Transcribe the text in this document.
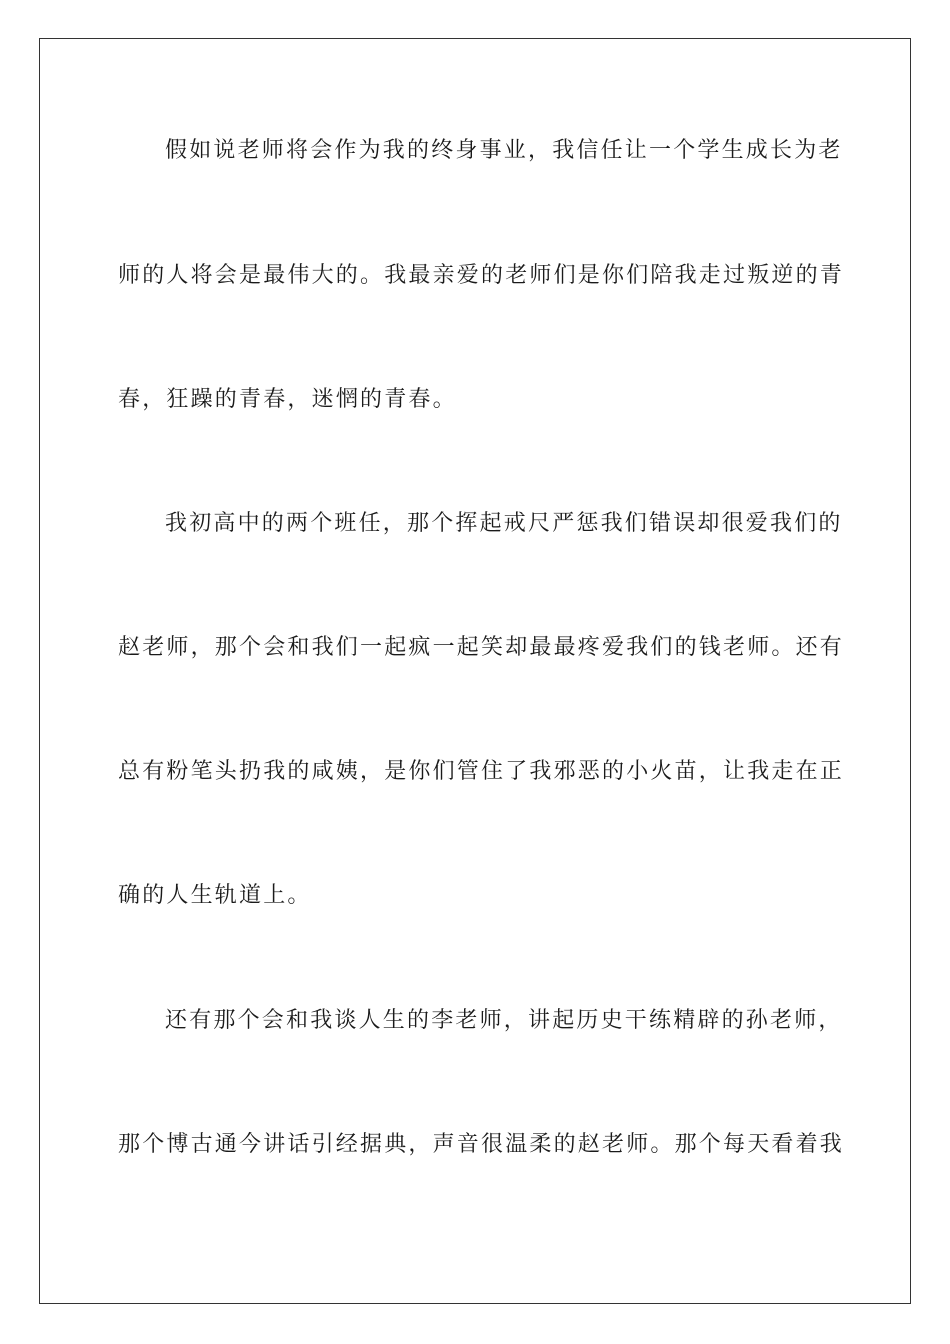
假如说老师将会作为我的终身事业，我信任让一个学生成长为老
师的人将会是最伟大的。我最亲爱的老师们是你们陪我走过叛逆的青
春，狂躁的青春，迷惘的青春。
我初高中的两个班任，那个挥起戒尺严惩我们错误却很爱我们的
赵老师，那个会和我们一起疯一起笑却最最疼爱我们的钱老师。还有
总有粉笔头扔我的咸姨，是你们管住了我邪恶的小火苗，让我走在正
确的人生轨道上。
还有那个会和我谈人生的李老师，讲起历史干练精辟的孙老师，
那个博古通今讲话引经据典，声音很温柔的赵老师。那个每天看着我
